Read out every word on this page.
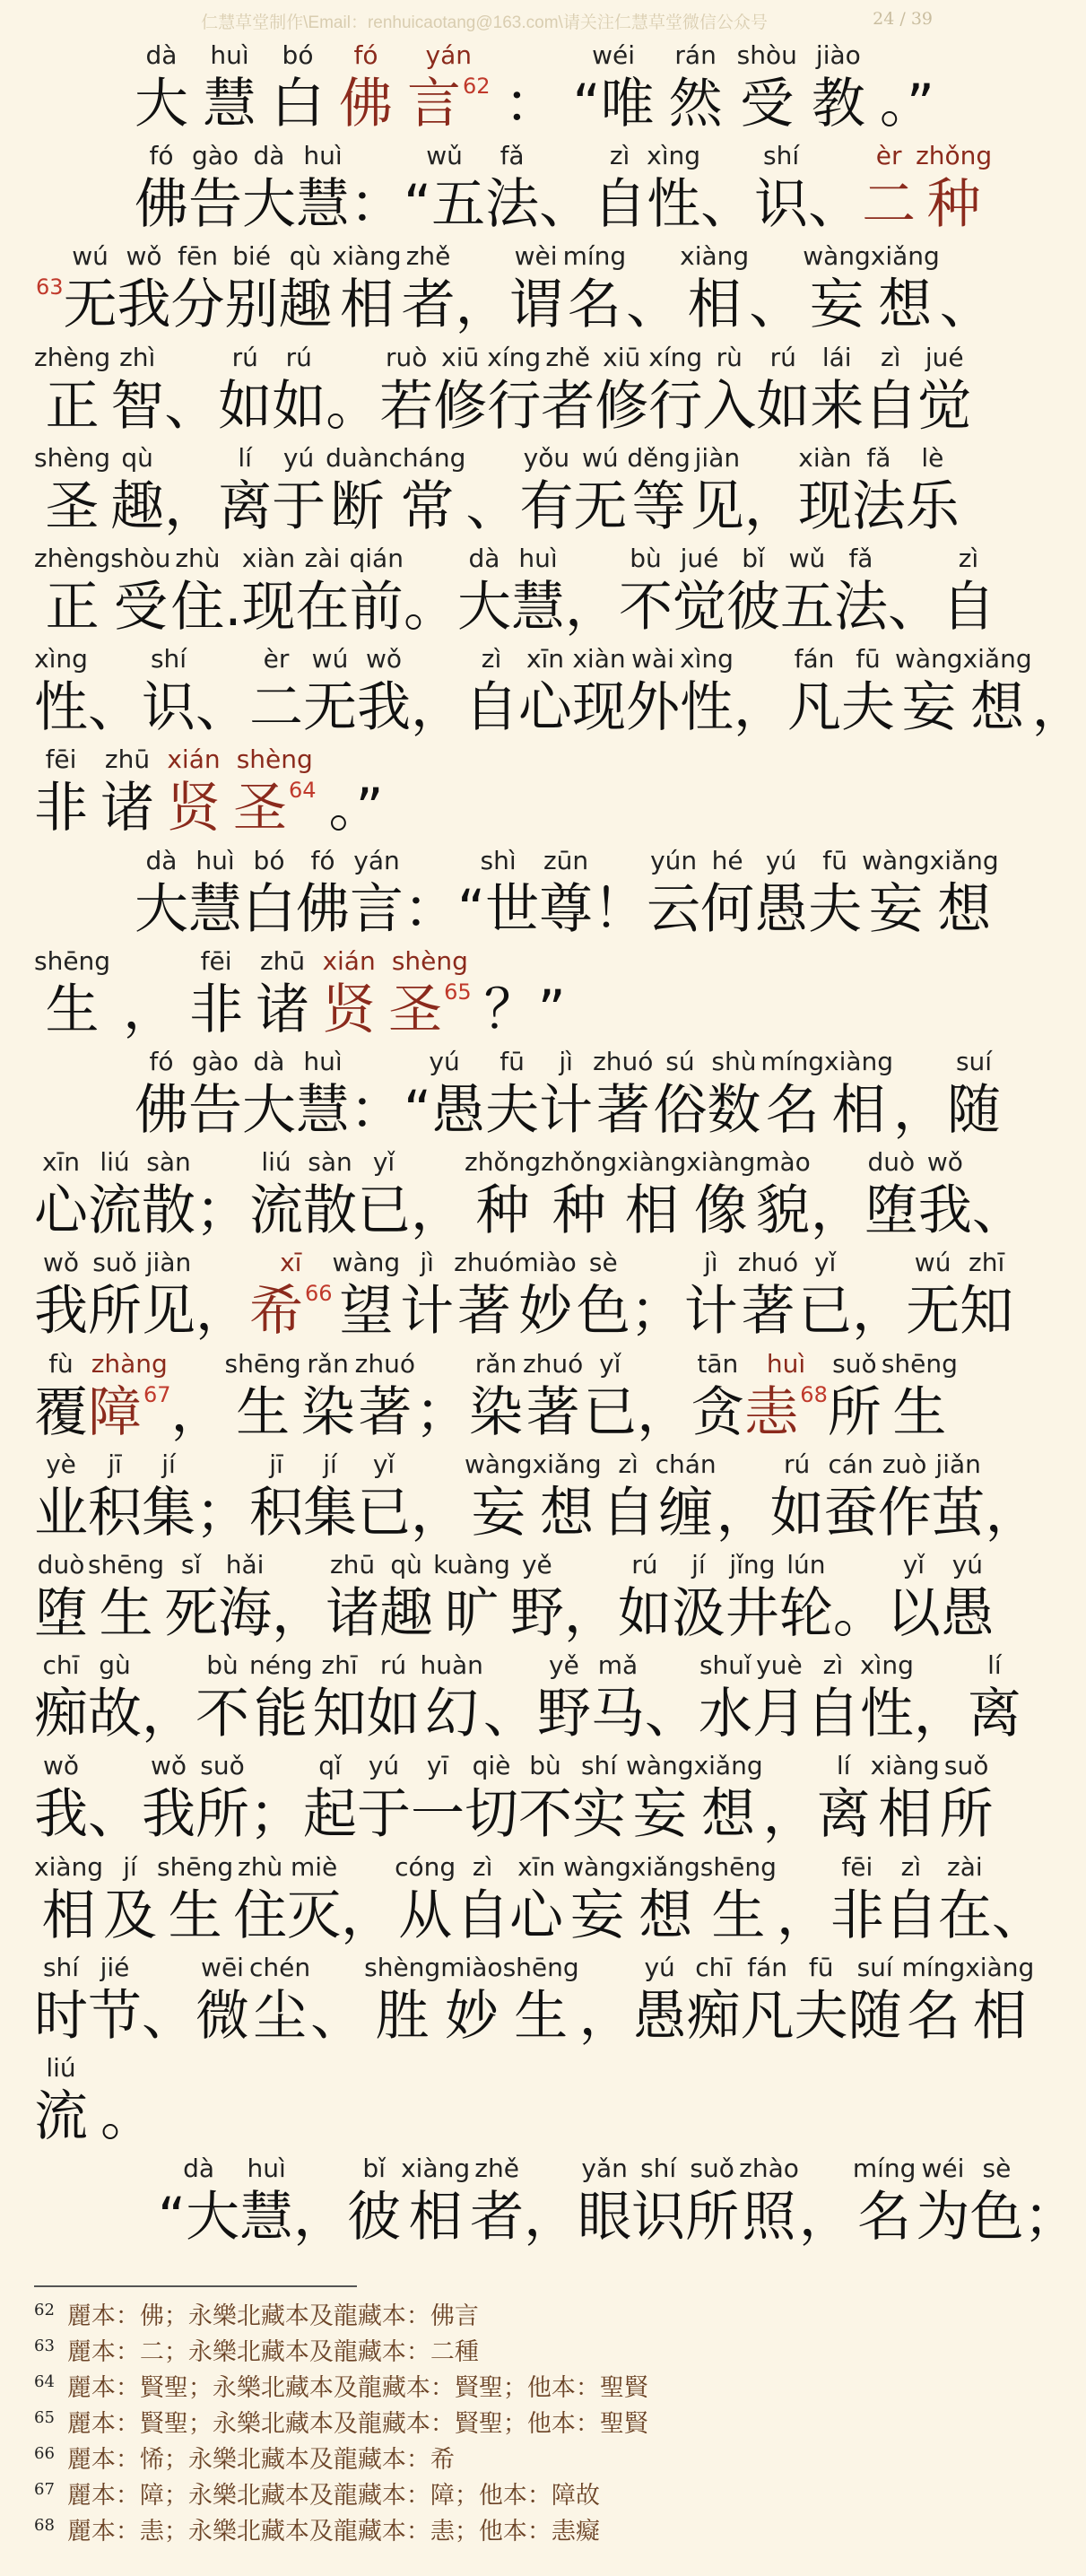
仁慧草堂制作\Email：renhuicaotang@163.com\请关注仁慧草堂微信公众号	24 / 39
dà
大
huì
慧
bó
白
fó
佛
yán
言 62 ：
wéi
“唯
rán
然
shòu
受
jiào
教 。”
fó
佛
gào
告
dà
大
huì
慧 ：
wǔ
“五
fǎ
法 、
zì
自
xìng
性 、
shí
识 、
èr
二
zhǒng
种
63
wú
无
wǒ
我
fēn
分
bié
别
qù
趣
xiàng
相
zhě
者 ，
wèi
谓
míng
名 、
xiàng
相 、
wàng
妄
xiǎng
想 、
zhèng
正
zhì
智 、
rú
如
rú
如 。
ruò
若
xiū
修
xíng
行
zhě
者
xiū
修
xíng
行
rù
入
rú
如
lái
来
zì
自
jué
觉
shèng
圣
qù
趣 ，
lí
离
yú
于
duàn
断
cháng
常 、
yǒu
有
wú
无
děng
等
jiàn
见 ，
xiàn
现
fǎ
法
lè
乐
zhèng
正
shòu
受
zhù
住 .
xiàn
现
zài
在
qián
前 。
dà
大
huì
慧 ，
bù
不
jué
觉
bǐ
彼
wǔ
五
fǎ
法 、
zì
自
xìng
性 、
shí
识 、
èr
二
wú
无
wǒ
我 ，
zì
自
xīn
心
xiàn
现
wài
外
xìng
性 ，
fán
凡
fū
夫
wàng
妄
xiǎng
想 ，
fēi
非
zhū
诸
xián
贤
shèng
圣 64 。”
dà
大
huì
慧
bó
白
fó
佛
yán
言 ：
shì
“世
zūn
尊 ！
yún
云
hé
何
yú
愚
fū
夫
wàng
妄
xiǎng
想
shēng
生 ，
fēi
非
zhū
诸
xián
贤
shèng
圣 65 ？”
fó
佛
gào
告
dà
大
huì
慧 ：
yú
“愚
fū
夫
jì
计
zhuó
著
sú
俗
shù
数
míng
名
xiàng
相 ，
suí
随
xīn
心
liú
流
sàn
散 ；
liú
流
sàn
散
yǐ
已 ，
zhǒng
种
zhǒng
种
xiàng
相
xiàng
像
mào
貌 ，
duò
堕
wǒ
我 、
wǒ
我
suǒ
所
jiàn
见 ，
xī
希 66
wàng
望
jì
计
zhuó
著
miào
妙
sè
色 ；
jì
计
zhuó
著
yǐ
已 ，
wú
无
zhī
知
fù
覆
zhàng
障 67 ，
shēng
生
rǎn
染
zhuó
著 ；
rǎn
染
zhuó
著
yǐ
已 ，
tān
贪
huì
恚 68
suǒ
所
shēng
生
yè
业
jī
积
jí
集 ；
jī
积
jí
集
yǐ
已 ，
wàng
妄
xiǎng
想
zì
自
chán
缠 ，
rú
如
cán
蚕
zuò
作
jiǎn
茧 ，
duò
堕
shēng
生
sǐ
死
hǎi
海 ，
zhū
诸
qù
趣
kuàng
旷
yě
野 ，
rú
如
jí
汲
jǐng
井
lún
轮 。
yǐ
以
yú
愚
chī
痴
gù
故 ，
bù
不
néng
能
zhī
知
rú
如
huàn
幻 、
yě
野
mǎ
马 、
shuǐ
水
yuè
月
zì
自
xìng
性 ，
lí
离
wǒ
我 、
wǒ
我
suǒ
所 ；
qǐ
起
yú
于
yī
一
qiè
切
bù
不
shí
实
wàng
妄
xiǎng
想 ，
lí
离
xiàng
相
suǒ
所
xiàng
相
jí
及
shēng
生
zhù
住
miè
灭 ，
cóng
从
zì
自
xīn
心
wàng
妄
xiǎng
想
shēng
生 ，
fēi
非
zì
自
zài
在 、
shí
时
jié
节 、
wēi
微
chén
尘 、
shèng
胜
miào
妙
shēng
生 ，
yú
愚
chī
痴
fán
凡
fū
夫
suí
随
míng
名
xiàng
相
liú
流 。
dà
“大
huì
慧 ，
bǐ
彼
xiàng
相
zhě
者 ，
yǎn
眼
shí
识
suǒ
所
zhào
照 ，
míng
名
wéi
为
sè
色 ；
$^{62}$ 麗本：佛；永樂北藏本及龍藏本：佛言
$^{63}$ 麗本：二；永樂北藏本及龍藏本：二種
$^{64}$ 麗本：賢聖；永樂北藏本及龍藏本：賢聖；他本：聖賢
$^{65}$ 麗本：賢聖；永樂北藏本及龍藏本：賢聖；他本：聖賢
$^{66}$ 麗本：悕；永樂北藏本及龍藏本：希
$^{67}$ 麗本：障；永樂北藏本及龍藏本：障；他本：障故
$^{68}$ 麗本：恚；永樂北藏本及龍藏本：恚；他本：恚癡
